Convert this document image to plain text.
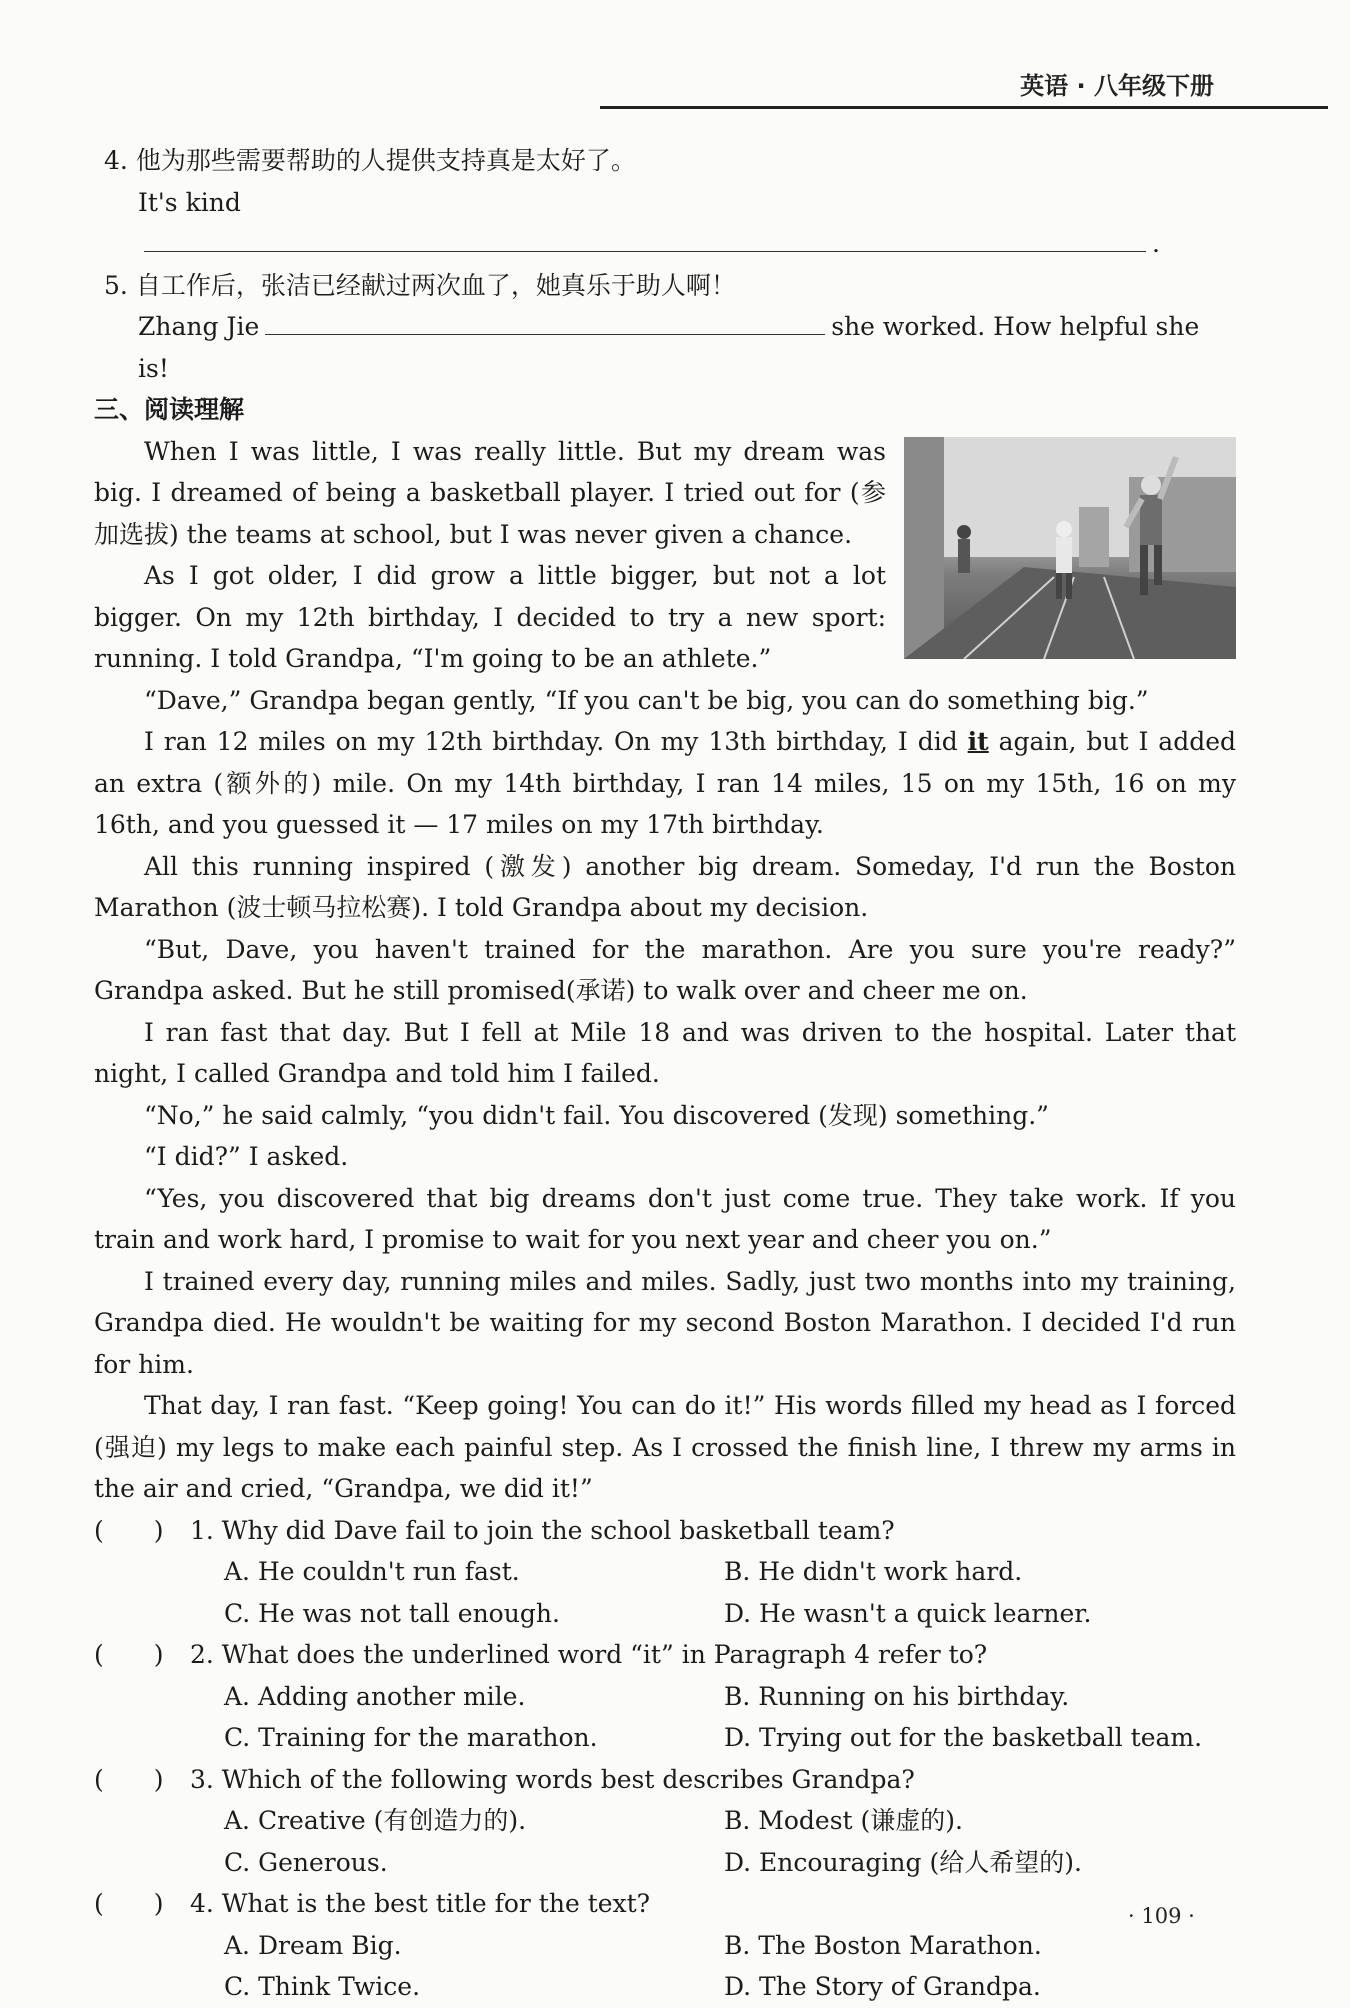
英语 · 八年级下册

4. 他为那些需要帮助的人提供支持真是太好了。

It's kind.

5. 自工作后，张洁已经献过两次血了，她真乐于助人啊！

Zhang Jie	she worked. How helpful she is!

三、阅读理解

When I was little, I was really little. But my dream was big. I dreamed of being a basketball player. I tried out for (参加选拔) the teams at school, but I was never given a chance.

As I got older, I did grow a little bigger, but not a lot bigger. On my 12th birthday, I decided to try a new sport: running. I told Grandpa, “I'm going to be an athlete.”

“Dave,” Grandpa began gently, “If you can't be big, you can do something big.”

I ran 12 miles on my 12th birthday. On my 13th birthday, I did it again, but I added an extra (额外的) mile. On my 14th birthday, I ran 14 miles, 15 on my 15th, 16 on my 16th, and you guessed it — 17 miles on my 17th birthday.

All this running inspired (激发) another big dream. Someday, I'd run the Boston Marathon (波士顿马拉松赛). I told Grandpa about my decision.

“But, Dave, you haven't trained for the marathon. Are you sure you're ready?” Grandpa asked. But he still promised(承诺) to walk over and cheer me on.

I ran fast that day. But I fell at Mile 18 and was driven to the hospital. Later that night, I called Grandpa and told him I failed.

“No,” he said calmly, “you didn't fail. You discovered (发现) something.”

“I did?” I asked.

“Yes, you discovered that big dreams don't just come true. They take work. If you train and work hard, I promise to wait for you next year and cheer you on.”

I trained every day, running miles and miles. Sadly, just two months into my training, Grandpa died. He wouldn't be waiting for my second Boston Marathon. I decided I'd run for him.

That day, I ran fast. “Keep going! You can do it!” His words filled my head as I forced (强迫) my legs to make each painful step. As I crossed the finish line, I threw my arms in the air and cried, “Grandpa, we did it!”

(　　) 1. Why did Dave fail to join the school basketball team?

A. He couldn't run fast.	B. He didn't work hard.
C. He was not tall enough.	D. He wasn't a quick learner.

(　　) 2. What does the underlined word “it” in Paragraph 4 refer to?

A. Adding another mile.	B. Running on his birthday.
C. Training for the marathon.	D. Trying out for the basketball team.

(　　) 3. Which of the following words best describes Grandpa?

A. Creative (有创造力的).	B. Modest (谦虚的).
C. Generous.	D. Encouraging (给人希望的).

(　　) 4. What is the best title for the text?

A. Dream Big.	B. The Boston Marathon.
C. Think Twice.	D. The Story of Grandpa.
· 109 ·
